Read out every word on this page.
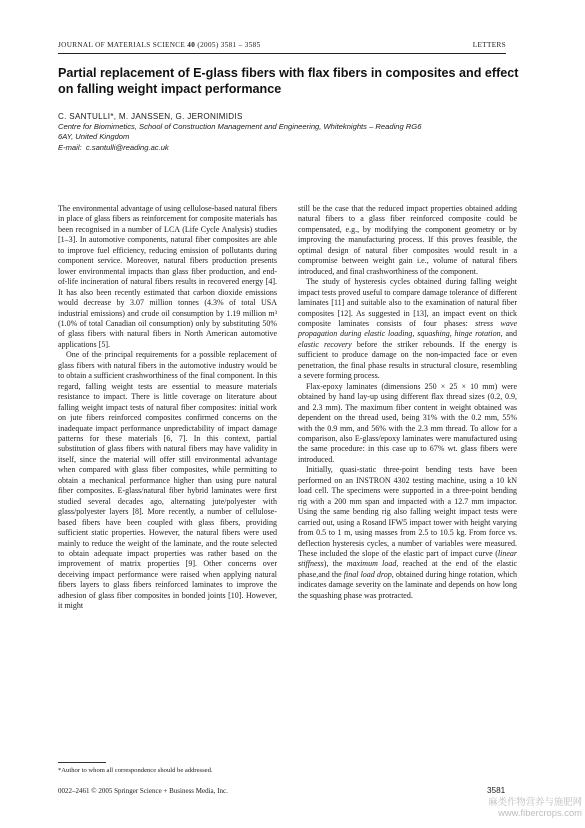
JOURNAL OF MATERIALS SCIENCE 40 (2005) 3581 – 3585	LETTERS
Partial replacement of E-glass fibers with flax fibers in composites and effect on falling weight impact performance
C. SANTULLI*, M. JANSSEN, G. JERONIMIDIS
Centre for Biomimetics, School of Construction Management and Engineering, Whiteknights – Reading RG6
6AY, United Kingdom
E-mail: c.santulli@reading.ac.uk

The environmental advantage of using cellulose-based natural fibers in place of glass fibers as reinforcement for composite materials has been recognised in a number of LCA (Life Cycle Analysis) studies [1–3]. In automotive components, natural fiber composites are able to improve fuel efficiency, reducing emission of pollutants during component service. Moreover, natural fibers production presents lower environmental impacts than glass fiber production, and end-of-life incineration of natural fibers results in recovered energy [4]. It has also been recently estimated that carbon dioxide emissions would decrease by 3.07 million tonnes (4.3% of total USA industrial emissions) and crude oil consumption by 1.19 million m³ (1.0% of total Canadian oil consumption) only by substituting 50% of glass fibers with natural fibers in North American automotive applications [5].

One of the principal requirements for a possible replacement of glass fibers with natural fibers in the automotive industry would be to obtain a sufficient crashworthiness of the final component. In this regard, falling weight tests are essential to measure materials resistance to impact. There is little coverage on literature about falling weight impact tests of natural fiber composites: initial work on jute fibers reinforced composites confirmed concerns on the inadequate impact performance unpredictability of impact damage patterns for these materials [6, 7]. In this context, partial substitution of glass fibers with natural fibers may have validity in itself, since the material will offer still environmental advantage when compared with glass fiber composites, while permitting to obtain a mechanical performance higher than using pure natural fiber composites. E-glass/natural fiber hybrid laminates were first studied several decades ago, alternating jute/polyester with glass/polyester layers [8]. More recently, a number of cellulose-based fibers have been coupled with glass fibers, providing sufficient static properties. However, the natural fibers were used mainly to reduce the weight of the laminate, and the route selected to obtain adequate impact properties was rather based on the improvement of matrix properties [9]. Other concerns over deceiving impact performance were raised when applying natural fibers layers to glass fibers reinforced laminates to improve the adhesion of glass fiber composites in bonded joints [10]. However, it might

still be the case that the reduced impact properties obtained adding natural fibers to a glass fiber reinforced composite could be compensated, e.g., by modifying the component geometry or by improving the manufacturing process. If this proves feasible, the optimal design of natural fiber composites would result in a compromise between weight gain i.e., volume of natural fibers introduced, and final crashworthiness of the component.

The study of hysteresis cycles obtained during falling weight impact tests proved useful to compare damage tolerance of different laminates [11] and suitable also to the examination of natural fiber composites [12]. As suggested in [13], an impact event on thick composite laminates consists of four phases: stress wave propagation during elastic loading, squashing, hinge rotation, and elastic recovery before the striker rebounds. If the energy is sufficient to produce damage on the non-impacted face or even penetration, the final phase results in structural closure, resembling a severe forming process.

Flax-epoxy laminates (dimensions 250 × 25 × 10 mm) were obtained by hand lay-up using different flax thread sizes (0.2, 0.9, and 2.3 mm). The maximum fiber content in weight obtained was dependent on the thread used, being 31% with the 0.2 mm, 55% with the 0.9 mm, and 56% with the 2.3 mm thread. To allow for a comparison, also E-glass/epoxy laminates were manufactured using the same procedure: in this case up to 67% wt. glass fibers were introduced.

Initially, quasi-static three-point bending tests have been performed on an INSTRON 4302 testing machine, using a 10 kN load cell. The specimens were supported in a three-point bending rig with a 200 mm span and impacted with a 12.7 mm impactor. Using the same bending rig also falling weight impact tests were carried out, using a Rosand IFW5 impact tower with height varying from 0.5 to 1 m, using masses from 2.5 to 10.5 kg. From force vs. deflection hysteresis cycles, a number of variables were measured. These included the slope of the elastic part of impact curve (linear stiffness), the maximum load, reached at the end of the elastic phase,and the final load drop, obtained during hinge rotation, which indicates damage severity on the laminate and depends on how long the squashing phase was protracted.

*Author to whom all correspondence should be addressed.
0022–2461 © 2005 Springer Science + Business Media, Inc.	3581
麻类作物营养与施肥网
www.fibercrops.com
